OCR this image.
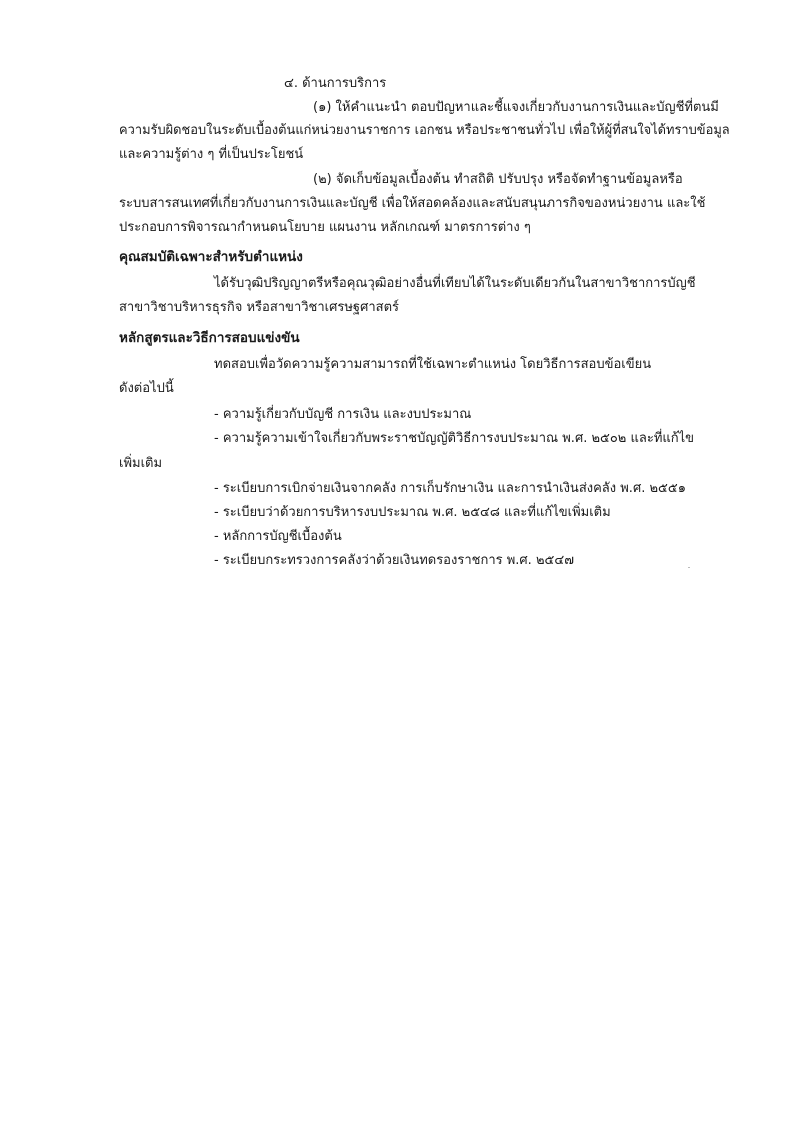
๔. ด้านการบริการ
(๑) ให้คำแนะนำ ตอบปัญหาและชี้แจงเกี่ยวกับงานการเงินและบัญชีที่ตนมี
ความรับผิดชอบในระดับเบื้องต้นแก่หน่วยงานราชการ เอกชน หรือประชาชนทั่วไป เพื่อให้ผู้ที่สนใจได้ทราบข้อมูล
และความรู้ต่าง ๆ ที่เป็นประโยชน์
(๒) จัดเก็บข้อมูลเบื้องต้น ทำสถิติ ปรับปรุง หรือจัดทำฐานข้อมูลหรือ
ระบบสารสนเทศที่เกี่ยวกับงานการเงินและบัญชี เพื่อให้สอดคล้องและสนับสนุนภารกิจของหน่วยงาน และใช้
ประกอบการพิจารณากำหนดนโยบาย แผนงาน หลักเกณฑ์ มาตรการต่าง ๆ
คุณสมบัติเฉพาะสำหรับตำแหน่ง
ได้รับวุฒิปริญญาตรีหรือคุณวุฒิอย่างอื่นที่เทียบได้ในระดับเดียวกันในสาขาวิชาการบัญชี
สาขาวิชาบริหารธุรกิจ หรือสาขาวิชาเศรษฐศาสตร์
หลักสูตรและวิธีการสอบแข่งขัน
ทดสอบเพื่อวัดความรู้ความสามารถที่ใช้เฉพาะตำแหน่ง โดยวิธีการสอบข้อเขียน
ดังต่อไปนี้
- ความรู้เกี่ยวกับบัญชี การเงิน และงบประมาณ
- ความรู้ความเข้าใจเกี่ยวกับพระราชบัญญัติวิธีการงบประมาณ พ.ศ. ๒๕๐๒ และที่แก้ไข
เพิ่มเติม
- ระเบียบการเบิกจ่ายเงินจากคลัง การเก็บรักษาเงิน และการนำเงินส่งคลัง พ.ศ. ๒๕๕๑
- ระเบียบว่าด้วยการบริหารงบประมาณ พ.ศ. ๒๕๔๘ และที่แก้ไขเพิ่มเติม
- หลักการบัญชีเบื้องต้น
- ระเบียบกระทรวงการคลังว่าด้วยเงินทดรองราชการ พ.ศ. ๒๕๔๗
